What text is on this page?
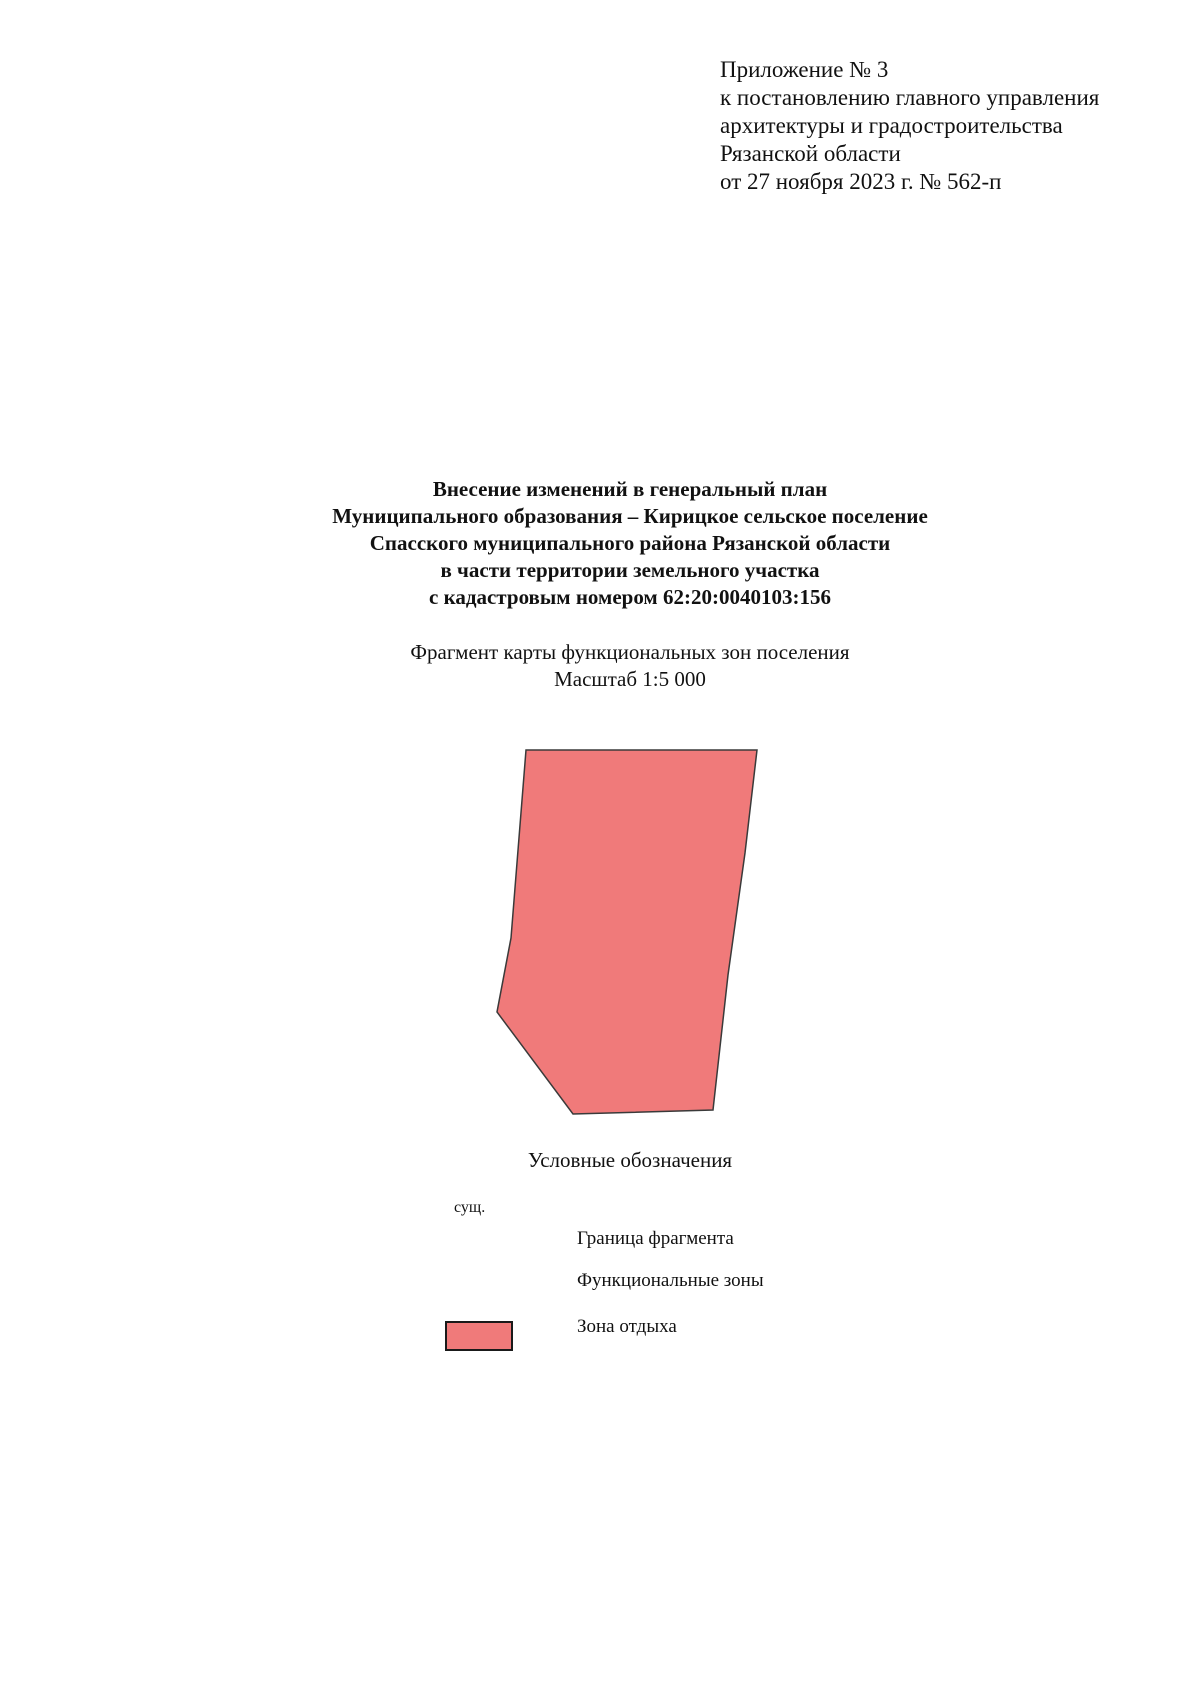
Приложение № 3
к постановлению главного управления
архитектуры и градостроительства
Рязанской области
от 27 ноября 2023 г. № 562-п
Внесение изменений в генеральный план
Муниципального образования – Кирицкое сельское поселение
Спасского муниципального района Рязанской области
в части территории земельного участка
с кадастровым номером 62:20:0040103:156
Фрагмент карты функциональных зон поселения
Масштаб 1:5 000
Условные обозначения
сущ.
Граница фрагмента
Функциональные зоны
Зона отдыха
